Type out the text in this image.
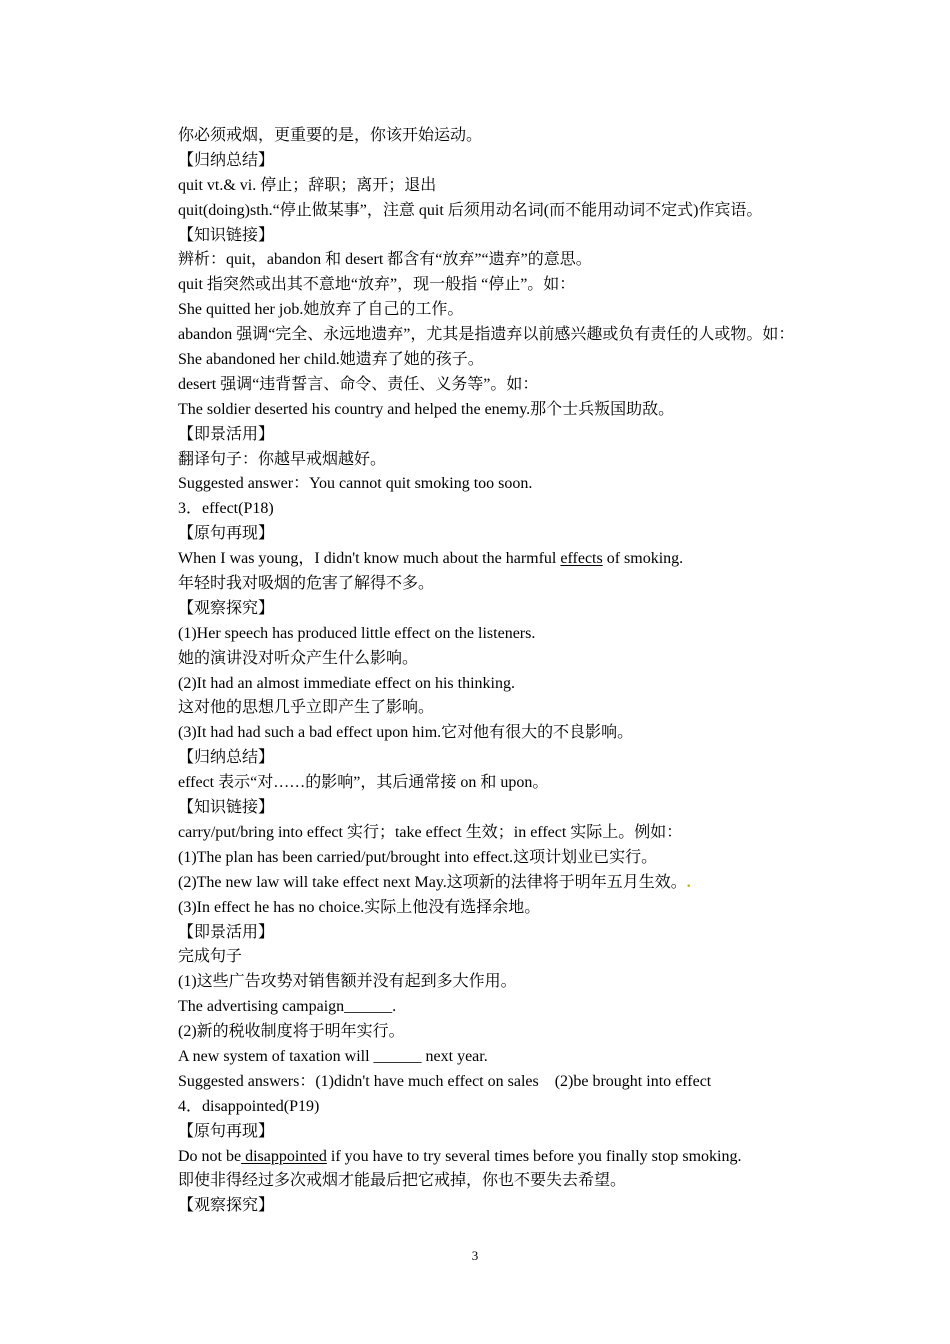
你必须戒烟，更重要的是，你该开始运动。
【归纳总结】
quit vt.& vi. 停止；辞职；离开；退出
quit(doing)sth.“停止做某事”，注意 quit 后须用动名词(而不能用动词不定式)作宾语。
【知识链接】
辨析：quit，abandon 和 desert 都含有“放弃”“遗弃”的意思。
quit 指突然或出其不意地“放弃”，现一般指 “停止”。如：
She quitted her job.她放弃了自己的工作。
abandon 强调“完全、永远地遗弃”，尤其是指遗弃以前感兴趣或负有责任的人或物。如：
She abandoned her child.她遗弃了她的孩子。
desert 强调“违背誓言、命令、责任、义务等”。如：
The soldier deserted his country and helped the enemy.那个士兵叛国助敌。
【即景活用】
翻译句子：你越早戒烟越好。
Suggested answer：You cannot quit smoking too soon.
3．effect(P18)
【原句再现】
When I was young，I didn't know much about the harmful effects of smoking.
年轻时我对吸烟的危害了解得不多。
【观察探究】
(1)Her speech has produced little effect on the listeners.
她的演讲没对听众产生什么影响。
(2)It had an almost immediate effect on his thinking.
这对他的思想几乎立即产生了影响。
(3)It had had such a bad effect upon him.它对他有很大的不良影响。
【归纳总结】
effect 表示“对……的影响”，其后通常接 on 和 upon。
【知识链接】
carry/put/bring into effect 实行；take effect 生效；in effect 实际上。例如：
(1)The plan has been carried/put/brought into effect.这项计划业已实行。
(2)The new law will take effect next May.这项新的法律将于明年五月生效。.
(3)In effect he has no choice.实际上他没有选择余地。
【即景活用】
完成句子
(1)这些广告攻势对销售额并没有起到多大作用。
The advertising campaign______.
(2)新的税收制度将于明年实行。
A new system of taxation will ______ next year.
Suggested answers：(1)didn't have much effect on sales　(2)be brought into effect
4．disappointed(P19)
【原句再现】
Do not be disappointed if you have to try several times before you finally stop smoking.
即使非得经过多次戒烟才能最后把它戒掉，你也不要失去希望。
【观察探究】
3
